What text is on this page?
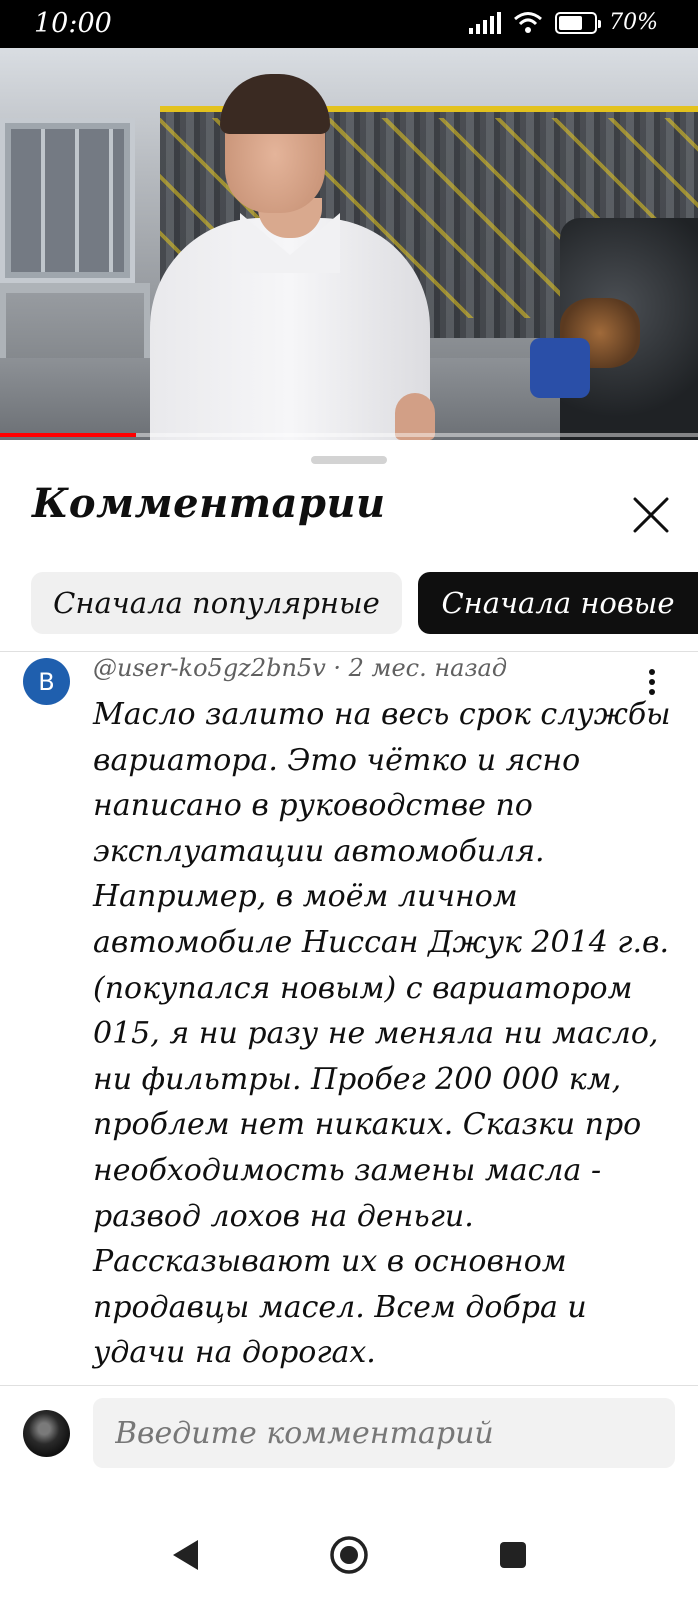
10:00	70%
Комментарии
Сначала популярные	Сначала новые
B	@user-ko5gz2bn5v · 2 мес. назад
Масло залито на весь срок службы
вариатора. Это чётко и ясно
написано в руководстве по
эксплуатации автомобиля.
Например, в моём личном
автомобиле Ниссан Джук 2014 г.в.
(покупался новым) с вариатором
015, я ни разу не меняла ни масло,
ни фильтры. Пробег 200 000 км,
проблем нет никаких. Сказки про
необходимость замены масла -
развод лохов на деньги.
Рассказывают их в основном
продавцы масел. Всем добра и
удачи на дорогах.
Введите комментарий
